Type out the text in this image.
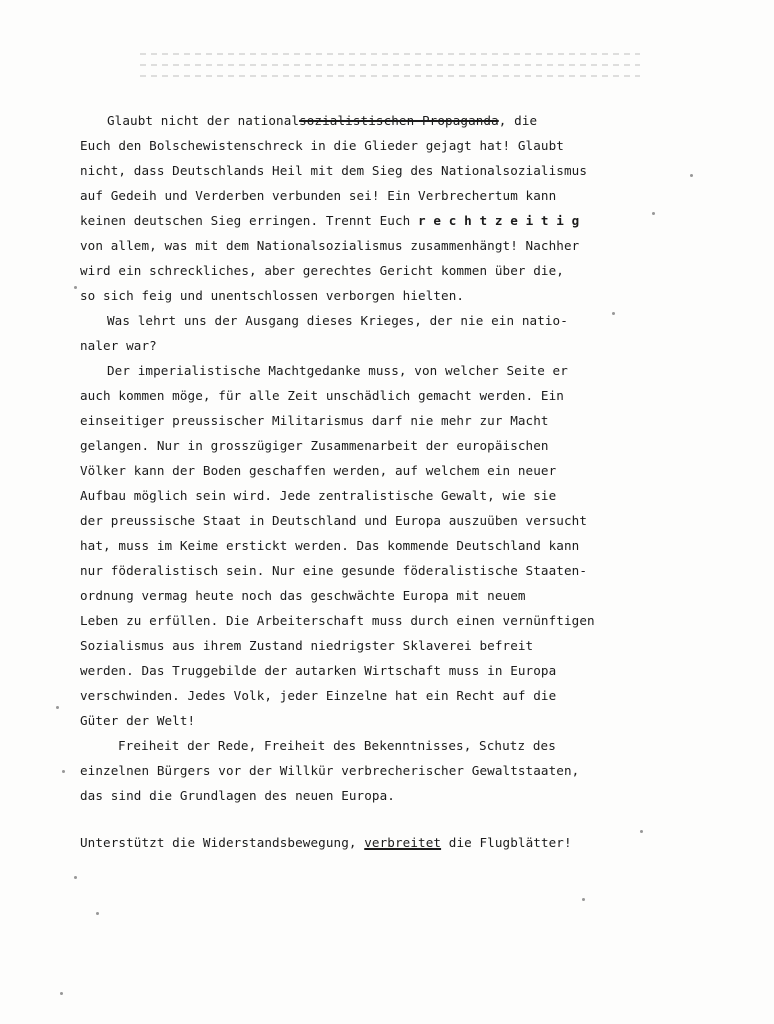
Glaubt nicht der nationalsozialistischen Propaganda, die
Euch den Bolschewistenschreck in die Glieder gejagt hat! Glaubt
nicht, dass Deutschlands Heil mit dem Sieg des Nationalsozialismus
auf Gedeih und Verderben verbunden sei! Ein Verbrechertum kann
keinen deutschen Sieg erringen. Trennt Euch r e c h t z e i t i g
von allem, was mit dem Nationalsozialismus zusammenhängt! Nachher
wird ein schreckliches, aber gerechtes Gericht kommen über die,
so sich feig und unentschlossen verborgen hielten.
Was lehrt uns der Ausgang dieses Krieges, der nie ein natio-
naler war?
Der imperialistische Machtgedanke muss, von welcher Seite er
auch kommen möge, für alle Zeit unschädlich gemacht werden. Ein
einseitiger preussischer Militarismus darf nie mehr zur Macht
gelangen. Nur in grosszügiger Zusammenarbeit der europäischen
Völker kann der Boden geschaffen werden, auf welchem ein neuer
Aufbau möglich sein wird. Jede zentralistische Gewalt, wie sie
der preussische Staat in Deutschland und Europa auszuüben versucht
hat, muss im Keime erstickt werden. Das kommende Deutschland kann
nur föderalistisch sein. Nur eine gesunde föderalistische Staaten-
ordnung vermag heute noch das geschwächte Europa mit neuem
Leben zu erfüllen. Die Arbeiterschaft muss durch einen vernünftigen
Sozialismus aus ihrem Zustand niedrigster Sklaverei befreit
werden. Das Truggebilde der autarken Wirtschaft muss in Europa
verschwinden. Jedes Volk, jeder Einzelne hat ein Recht auf die
Güter der Welt!
Freiheit der Rede, Freiheit des Bekenntnisses, Schutz des
einzelnen Bürgers vor der Willkür verbrecherischer Gewaltstaaten,
das sind die Grundlagen des neuen Europa.
Unterstützt die Widerstandsbewegung, verbreitet die Flugblätter!
